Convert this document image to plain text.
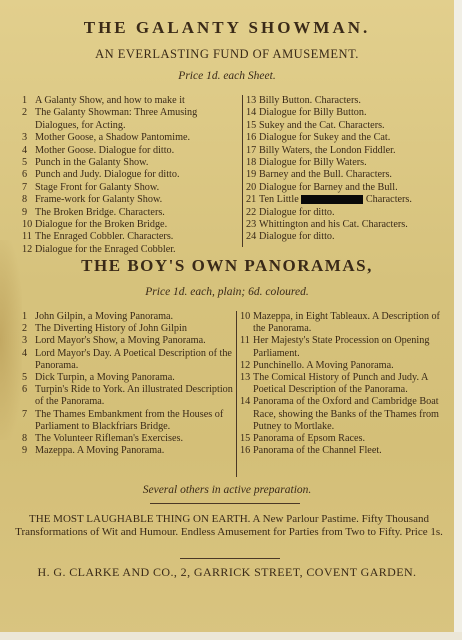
THE GALANTY SHOWMAN.
AN EVERLASTING FUND OF AMUSEMENT.
Price 1d. each Sheet.
1 A Galanty Show, and how to make it
2 The Galanty Showman: Three Amusing Dialogues, for Acting.
3 Mother Goose, a Shadow Pantomime.
4 Mother Goose. Dialogue for ditto.
5 Punch in the Galanty Show.
6 Punch and Judy. Dialogue for ditto.
7 Stage Front for Galanty Show.
8 Frame-work for Galanty Show.
9 The Broken Bridge. Characters.
10 Dialogue for the Broken Bridge.
11 The Enraged Cobbler. Characters.
12 Dialogue for the Enraged Cobbler.
13 Billy Button. Characters.
14 Dialogue for Billy Button.
15 Sukey and the Cat. Characters.
16 Dialogue for Sukey and the Cat.
17 Billy Waters, the London Fiddler.
18 Dialogue for Billy Waters.
19 Barney and the Bull. Characters.
20 Dialogue for Barney and the Bull.
21 Ten Little	Characters.
22 Dialogue for ditto.
23 Whittington and his Cat. Characters.
24 Dialogue for ditto.
THE BOY'S OWN PANORAMAS,
Price 1d. each, plain; 6d. coloured.
1 John Gilpin, a Moving Panorama.
2 The Diverting History of John Gilpin
3 Lord Mayor's Show, a Moving Panorama.
4 Lord Mayor's Day. A Poetical Description of the Panorama.
5 Dick Turpin, a Moving Panorama.
6 Turpin's Ride to York. An illustrated Description of the Panorama.
7 The Thames Embankment from the Houses of Parliament to Blackfriars Bridge.
8 The Volunteer Rifleman's Exercises.
9 Mazeppa. A Moving Panorama.
10 Mazeppa, in Eight Tableaux. A Description of the Panorama.
11 Her Majesty's State Procession on Opening Parliament.
12 Punchinello. A Moving Panorama.
13 The Comical History of Punch and Judy. A Poetical Description of the Panorama.
14 Panorama of the Oxford and Cambridge Boat Race, showing the Banks of the Thames from Putney to Mortlake.
15 Panorama of Epsom Races.
16 Panorama of the Channel Fleet.
Several others in active preparation.
THE MOST LAUGHABLE THING ON EARTH. A New Parlour Pastime. Fifty Thousand Transformations of Wit and Humour. Endless Amusement for Parties from Two to Fifty. Price 1s.
H. G. CLARKE AND CO., 2, GARRICK STREET, COVENT GARDEN.
